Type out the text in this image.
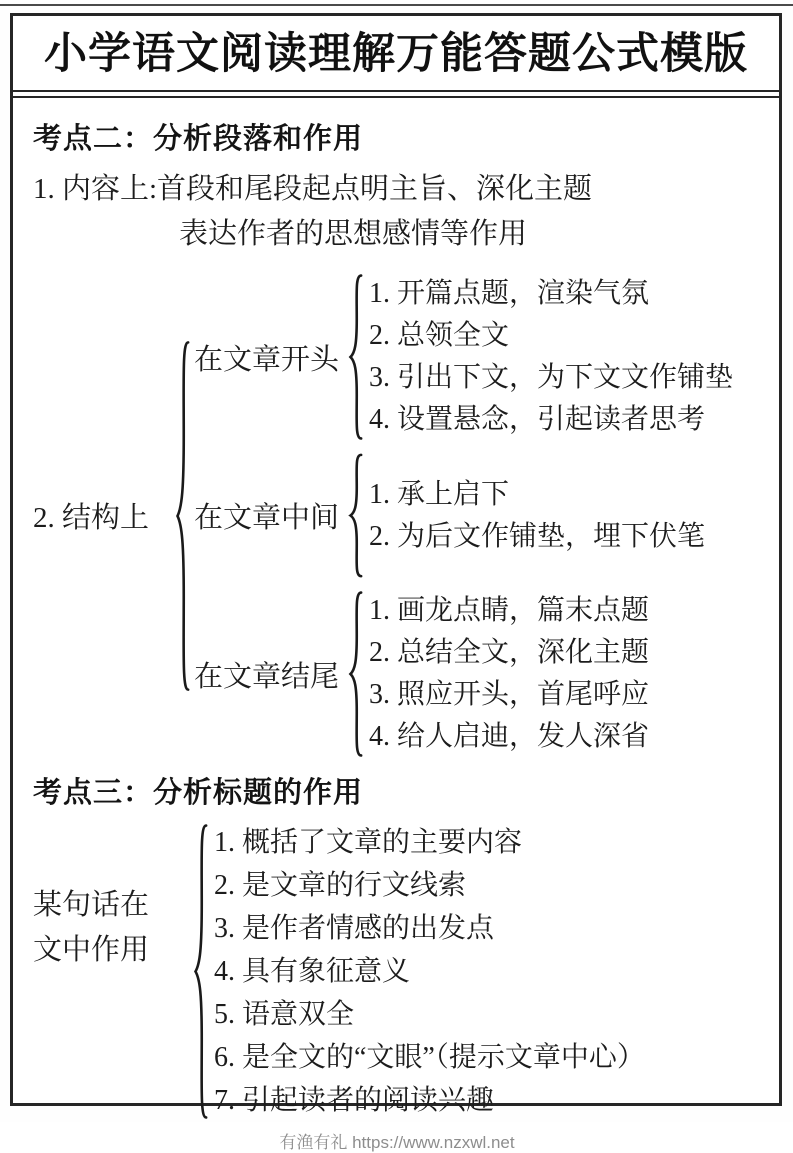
小学语文阅读理解万能答题公式模版
考点二：分析段落和作用
1. 内容上:首段和尾段起点明主旨、深化主题
表达作者的思想感情等作用
2. 结构上
在文章开头
1. 开篇点题，渲染气氛
2. 总领全文
3. 引出下文，为下文文作铺垫
4. 设置悬念，引起读者思考
在文章中间
1. 承上启下
2. 为后文作铺垫，埋下伏笔
在文章结尾
1. 画龙点睛，篇末点题
2. 总结全文，深化主题
3. 照应开头，首尾呼应
4. 给人启迪，发人深省
考点三：分析标题的作用
某句话在
文中作用
1. 概括了文章的主要内容
2. 是文章的行文线索
3. 是作者情感的出发点
4. 具有象征意义
5. 语意双全
6. 是全文的“文眼”（提示文章中心）
7. 引起读者的阅读兴趣
有渔有礼 https://www.nzxwl.net
